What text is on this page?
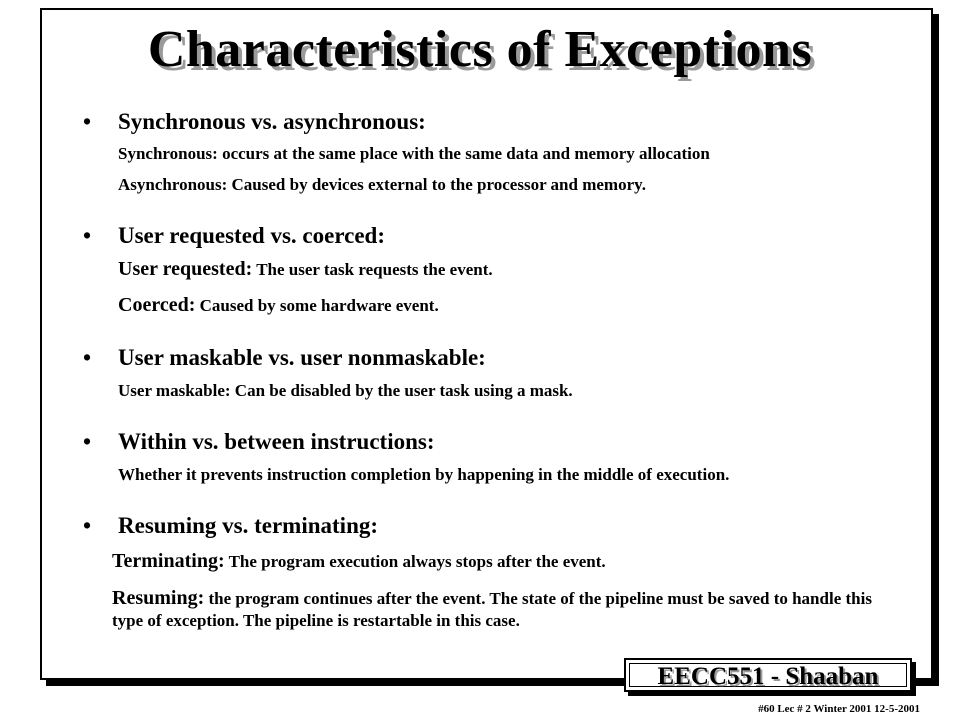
Characteristics of Exceptions
• Synchronous vs. asynchronous:
Synchronous: occurs at the same place with the same data and memory allocation
Asynchronous: Caused by devices external to the processor and memory.
• User requested vs. coerced:
User requested: The user task requests the event.
Coerced: Caused by some hardware event.
• User maskable vs. user nonmaskable:
User maskable: Can be disabled by the user task using a mask.
• Within vs. between instructions:
Whether it prevents instruction completion by happening in the middle of execution.
• Resuming vs. terminating:
Terminating: The program execution always stops after the event.
Resuming: the program continues after the event. The state of the pipeline must be saved to handle this type of exception. The pipeline is restartable in this case.
EECC551 - Shaaban
#60 Lec # 2 Winter 2001 12-5-2001
